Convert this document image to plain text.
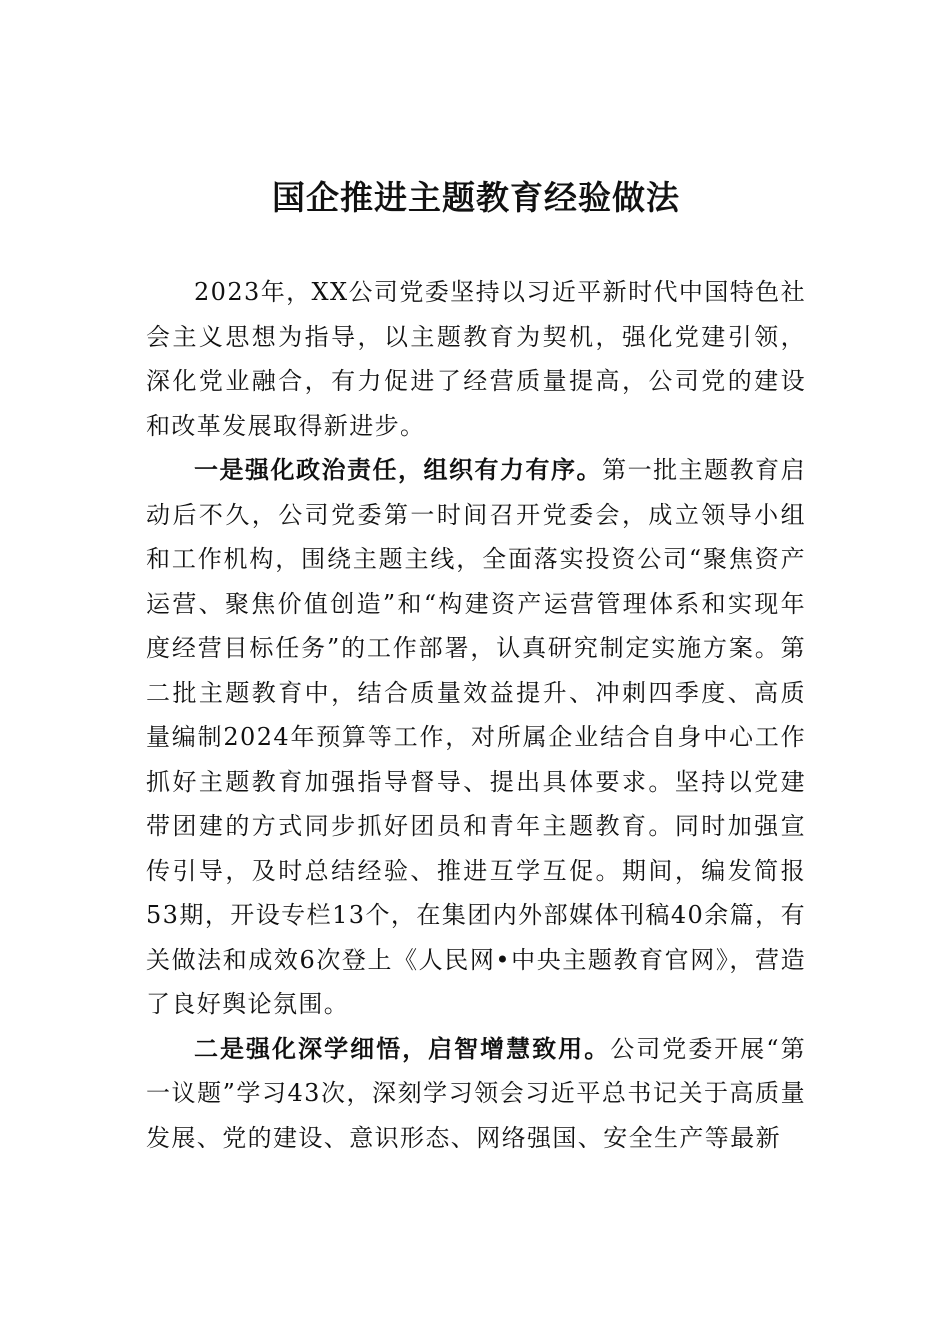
国企推进主题教育经验做法

2023年，XX公司党委坚持以习近平新时代中国特色社会主义思想为指导，以主题教育为契机，强化党建引领，深化党业融合，有力促进了经营质量提高，公司党的建设和改革发展取得新进步。

一是强化政治责任，组织有力有序。第一批主题教育启动后不久，公司党委第一时间召开党委会，成立领导小组和工作机构，围绕主题主线，全面落实投资公司“聚焦资产运营、聚焦价值创造”和“构建资产运营管理体系和实现年度经营目标任务”的工作部署，认真研究制定实施方案。第二批主题教育中，结合质量效益提升、冲刺四季度、高质量编制2024年预算等工作，对所属企业结合自身中心工作抓好主题教育加强指导督导、提出具体要求。坚持以党建带团建的方式同步抓好团员和青年主题教育。同时加强宣传引导，及时总结经验、推进互学互促。期间，编发简报53期，开设专栏13个，在集团内外部媒体刊稿40余篇，有关做法和成效6次登上《人民网•中央主题教育官网》，营造了良好舆论氛围。

二是强化深学细悟，启智增慧致用。公司党委开展“第一议题”学习43次，深刻学习领会习近平总书记关于高质量发展、党的建设、意识形态、网络强国、安全生产等最新
